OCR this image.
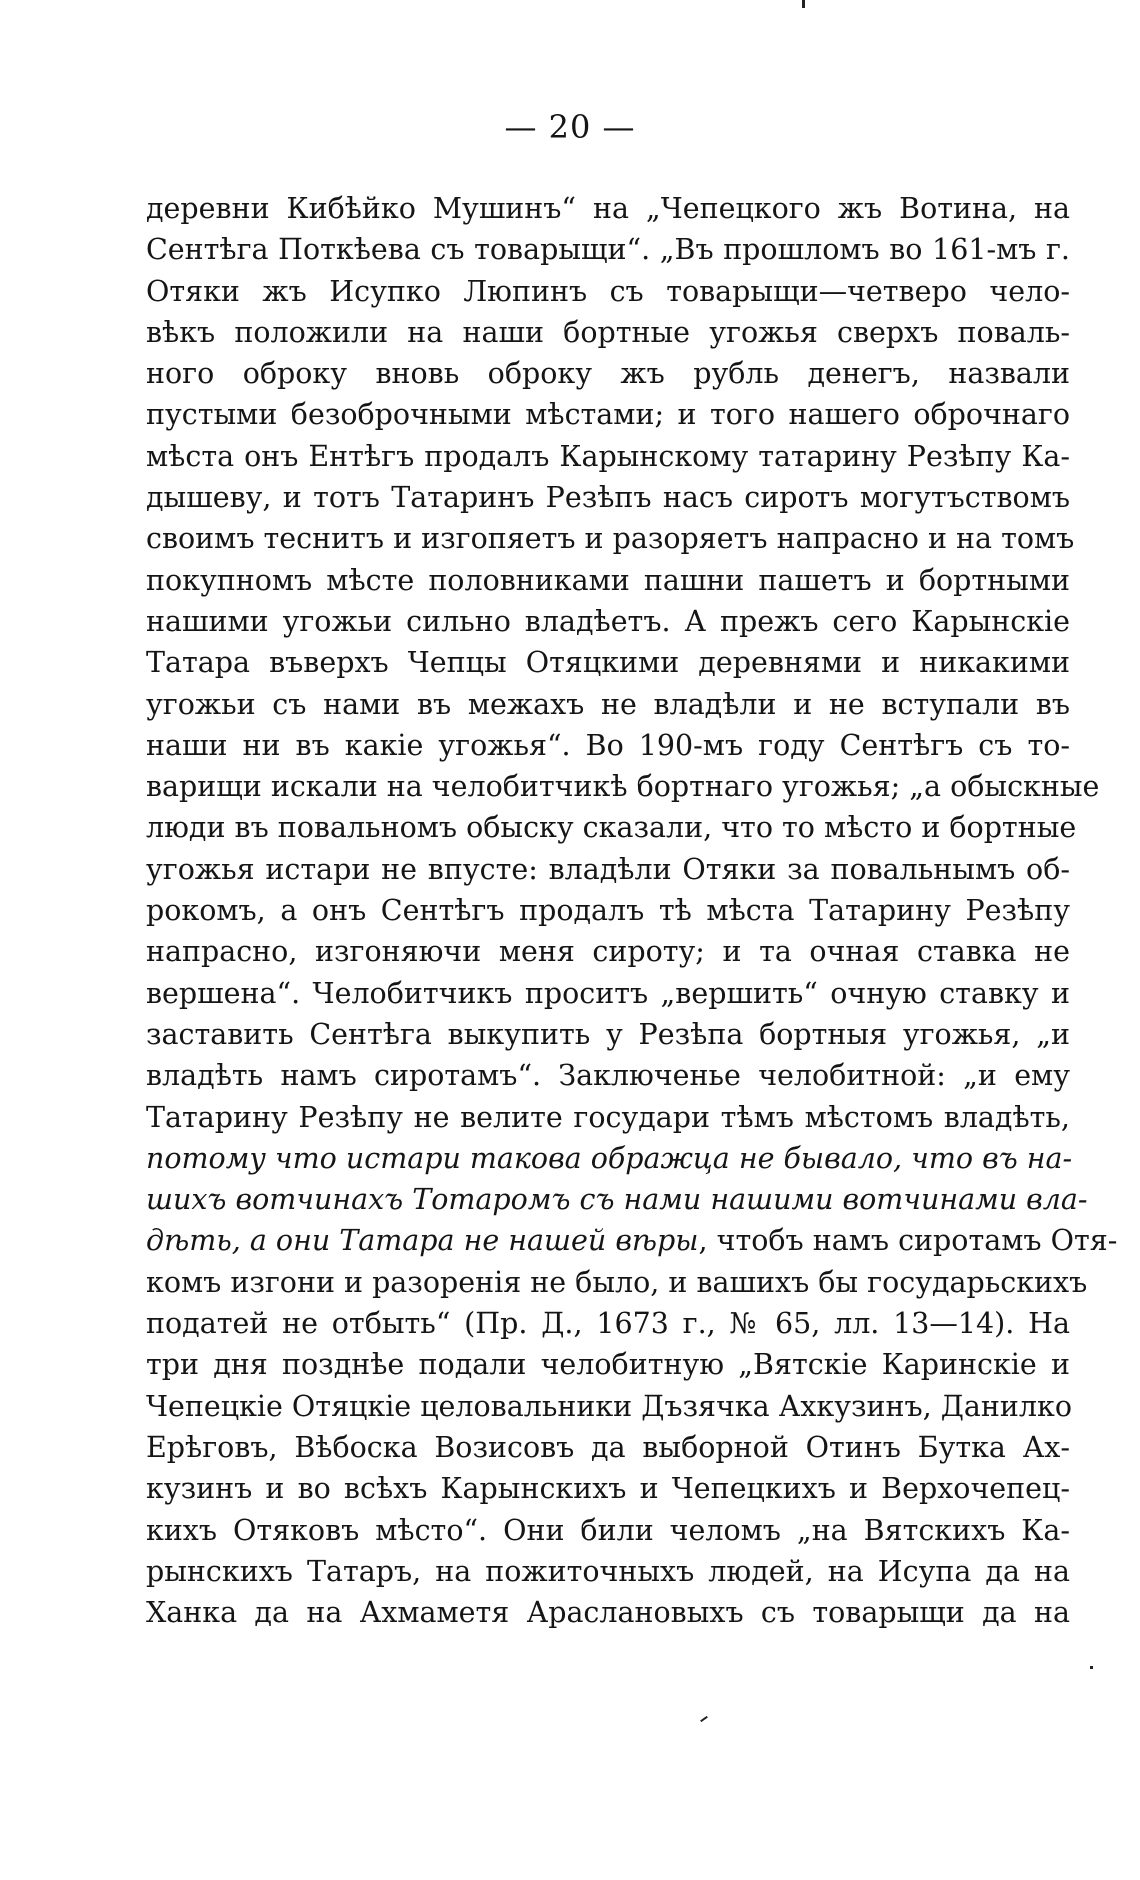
— 20 —
деревни Кибѣйко Мушинъ“ на „Чепецкого жъ Вотина, на
Сентѣга Поткѣева съ товарыщи“. „Въ прошломъ во 161-мъ г.
Отяки жъ Исупко Люпинъ съ товарыщи—четверо чело-
вѣкъ положили на наши бортные угожья сверхъ поваль-
ного оброку вновь оброку жъ рубль денегъ, назвали
пустыми безоброчными мѣстами; и того нашего оброчнаго
мѣста онъ Ентѣгъ продалъ Карынскому татарину Резѣпу Ка-
дышеву, и тотъ Татаринъ Резѣпъ насъ сиротъ могутъствомъ
своимъ теснитъ и изгопяетъ и разоряетъ напрасно и на томъ
покупномъ мѣсте половниками пашни пашетъ и бортными
нашими угожьи сильно владѣетъ. А прежъ сего Карынскіе
Татара въверхъ Чепцы Отяцкими деревнями и никакими
угожьи съ нами въ межахъ не владѣли и не вступали въ
наши ни въ какіе угожья“. Во 190-мъ году Сентѣгъ съ то-
варищи искали на челобитчикѣ бортнаго угожья; „а обыскные
люди въ повальномъ обыску сказали, что то мѣсто и бортные
угожья истари не впусте: владѣли Отяки за повальнымъ об-
рокомъ, а онъ Сентѣгъ продалъ тѣ мѣста Татарину Резѣпу
напрасно, изгоняючи меня сироту; и та очная ставка не
вершена“. Челобитчикъ проситъ „вершить“ очную ставку и
заставить Сентѣга выкупить у Резѣпа бортныя угожья, „и
владѣть намъ сиротамъ“. Заключенье челобитной: „и ему
Татарину Резѣпу не велите государи тѣмъ мѣстомъ владѣть,
потому что истари такова ображца не бывало, что въ на-
шихъ вотчинахъ Тотаромъ съ нами нашими вотчинами вла-
дѣть, а они Татара не нашей вѣры, чтобъ намъ сиротамъ Отя-
комъ изгони и разоренія не было, и вашихъ бы государьскихъ
податей не отбыть“ (Пр. Д., 1673 г., № 65, лл. 13—14). На
три дня позднѣе подали челобитную „Вятскіе Каринскіе и
Чепецкіе Отяцкіе целовальники Дъзячка Ахкузинъ, Данилко
Ерѣговъ, Вѣбоска Возисовъ да выборной Отинъ Бутка Ах-
кузинъ и во всѣхъ Карынскихъ и Чепецкихъ и Верхочепец-
кихъ Отяковъ мѣсто“. Они били челомъ „на Вятскихъ Ка-
рынскихъ Татаръ, на пожиточныхъ людей, на Исупа да на
Ханка да на Ахмаметя Арасланoвыхъ съ товарыщи да на
